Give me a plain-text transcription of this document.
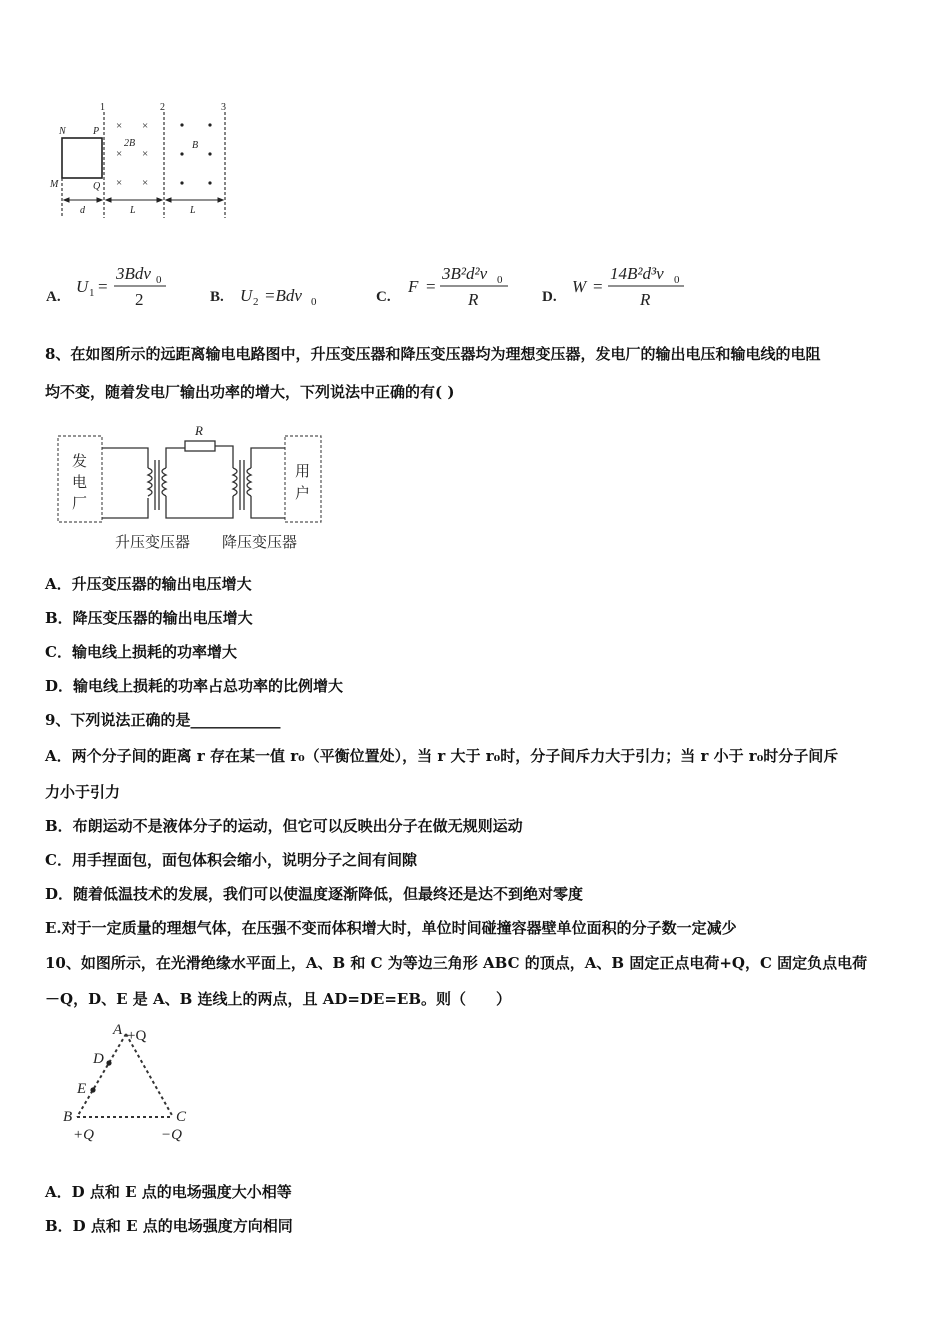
× ×
× ×
× ×
N	P
M	Q
1	2	3
2B	B
d	L	L
A.
U 1 =
3Bdv 0
2	B. U 2 =Bdv 0	C.
F =
3B²d²v 0
R	D.
W =
14B²d³v 0
R
8、在如图所示的远距离输电电路图中，升压变压器和降压变压器均为理想变压器，发电厂的输出电压和输电线的电阻
均不变，随着发电厂输出功率的增大，下列说法中正确的有( )
发
电
厂
用
户
R
升压变压器 降压变压器
A．升压变压器的输出电压增大
B．降压变压器的输出电压增大
C．输电线上损耗的功率增大
D．输电线上损耗的功率占总功率的比例增大
9、下列说法正确的是____________
A．两个分子间的距离 r 存在某一值 r₀（平衡位置处），当 r 大于 r₀时，分子间斥力大于引力；当 r 小于 r₀时分子间斥
力小于引力
B．布朗运动不是液体分子的运动，但它可以反映出分子在做无规则运动
C．用手捏面包，面包体积会缩小，说明分子之间有间隙
D．随着低温技术的发展，我们可以使温度逐渐降低，但最终还是达不到绝对零度
E.对于一定质量的理想气体，在压强不变而体积增大时，单位时间碰撞容器壁单位面积的分子数一定减少
10、如图所示，在光滑绝缘水平面上，A、B 和 C 为等边三角形 ABC 的顶点，A、B 固定正点电荷+Q，C 固定负点电荷
－Q，D、E 是 A、B 连线上的两点，且 AD=DE=EB。则（　　）
A +Q
D
E
B
+Q
C
−Q
A．D 点和 E 点的电场强度大小相等
B．D 点和 E 点的电场强度方向相同
